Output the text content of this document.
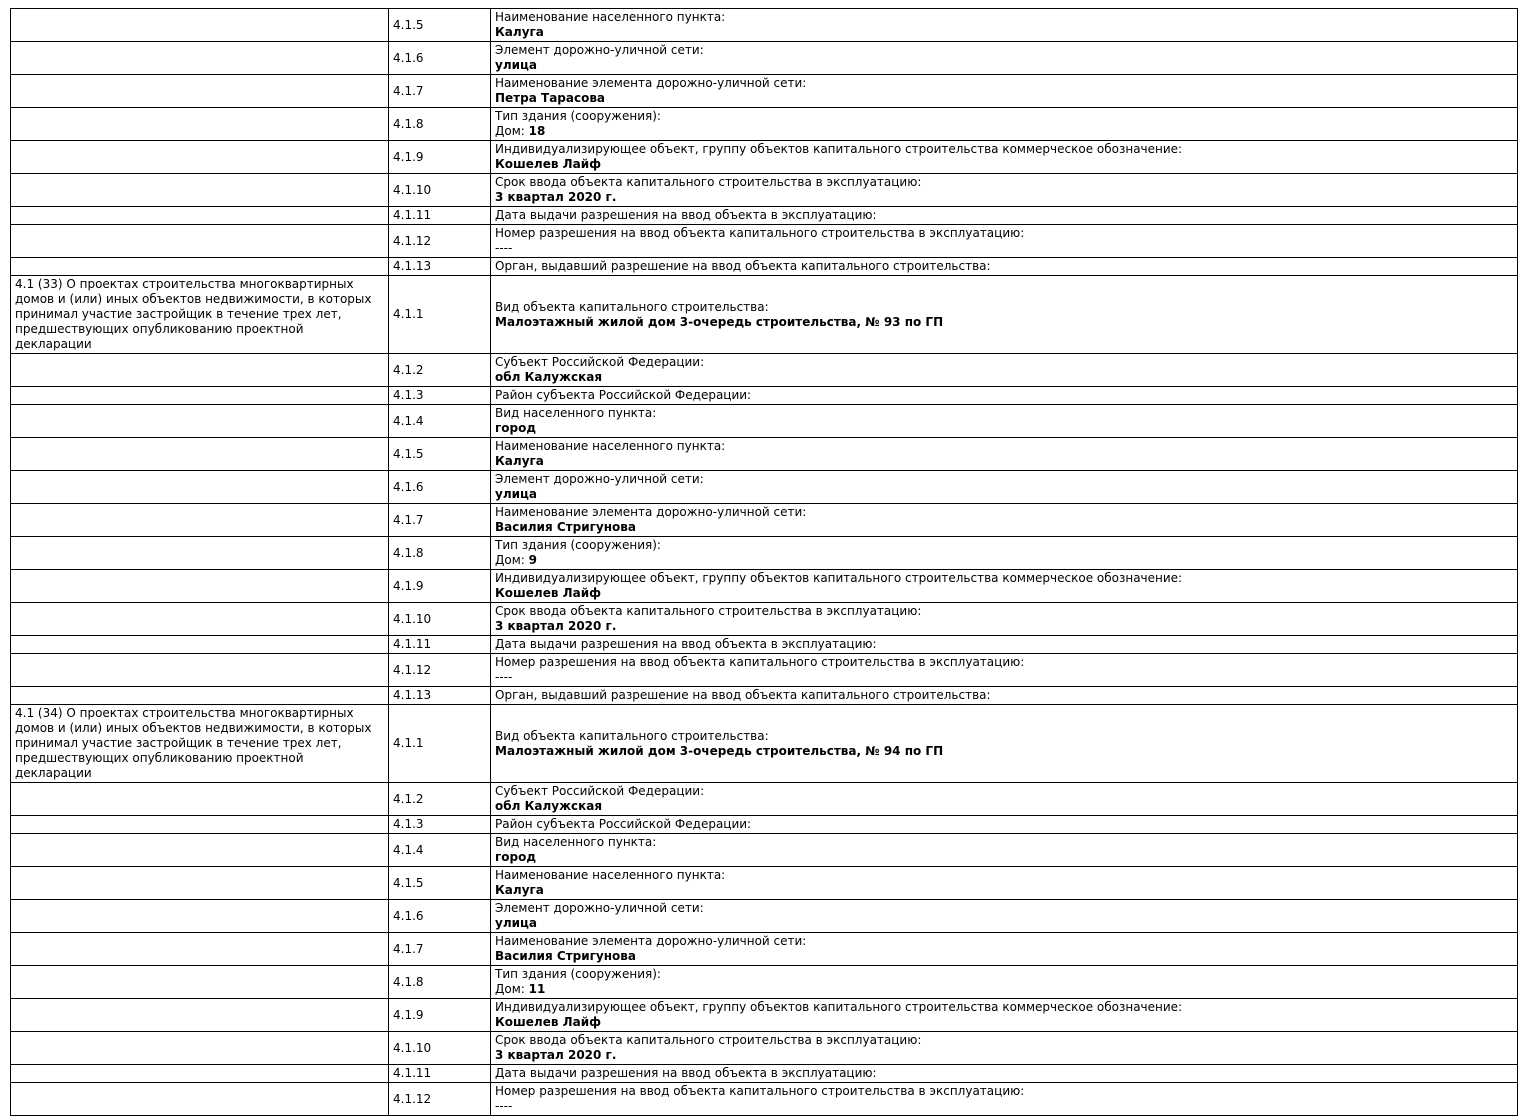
	4.1.5	Наименование населенного пункта:
Калуга

	4.1.6	Элемент дорожно-уличной сети:
улица

	4.1.7	Наименование элемента дорожно-уличной сети:
Петра Тарасова

	4.1.8	Тип здания (сооружения):
Дом: 18

	4.1.9	Индивидуализирующее объект, группу объектов капитального строительства коммерческое обозначение:
Кошелев Лайф

	4.1.10	Срок ввода объекта капитального строительства в эксплуатацию:
3 квартал 2020 г.

	4.1.11	Дата выдачи разрешения на ввод объекта в эксплуатацию:

	4.1.12	Номер разрешения на ввод объекта капитального строительства в эксплуатацию:
----

	4.1.13	Орган, выдавший разрешение на ввод объекта капитального строительства:

4.1 (33) О проектах строительства многоквартирных домов и (или) иных объектов недвижимости, в которых принимал участие застройщик в течение трех лет, предшествующих опубликованию проектной декларации	4.1.1	Вид объекта капитального строительства:
Малоэтажный жилой дом 3-очередь строительства, № 93 по ГП

	4.1.2	Субъект Российской Федерации:
обл Калужская

	4.1.3	Район субъекта Российской Федерации:

	4.1.4	Вид населенного пункта:
город

	4.1.5	Наименование населенного пункта:
Калуга

	4.1.6	Элемент дорожно-уличной сети:
улица

	4.1.7	Наименование элемента дорожно-уличной сети:
Василия Стригунова

	4.1.8	Тип здания (сооружения):
Дом: 9

	4.1.9	Индивидуализирующее объект, группу объектов капитального строительства коммерческое обозначение:
Кошелев Лайф

	4.1.10	Срок ввода объекта капитального строительства в эксплуатацию:
3 квартал 2020 г.

	4.1.11	Дата выдачи разрешения на ввод объекта в эксплуатацию:

	4.1.12	Номер разрешения на ввод объекта капитального строительства в эксплуатацию:
----

	4.1.13	Орган, выдавший разрешение на ввод объекта капитального строительства:

4.1 (34) О проектах строительства многоквартирных домов и (или) иных объектов недвижимости, в которых принимал участие застройщик в течение трех лет, предшествующих опубликованию проектной декларации	4.1.1	Вид объекта капитального строительства:
Малоэтажный жилой дом 3-очередь строительства, № 94 по ГП

	4.1.2	Субъект Российской Федерации:
обл Калужская

	4.1.3	Район субъекта Российской Федерации:

	4.1.4	Вид населенного пункта:
город

	4.1.5	Наименование населенного пункта:
Калуга

	4.1.6	Элемент дорожно-уличной сети:
улица

	4.1.7	Наименование элемента дорожно-уличной сети:
Василия Стригунова

	4.1.8	Тип здания (сооружения):
Дом: 11

	4.1.9	Индивидуализирующее объект, группу объектов капитального строительства коммерческое обозначение:
Кошелев Лайф

	4.1.10	Срок ввода объекта капитального строительства в эксплуатацию:
3 квартал 2020 г.

	4.1.11	Дата выдачи разрешения на ввод объекта в эксплуатацию:

	4.1.12	Номер разрешения на ввод объекта капитального строительства в эксплуатацию:
----
